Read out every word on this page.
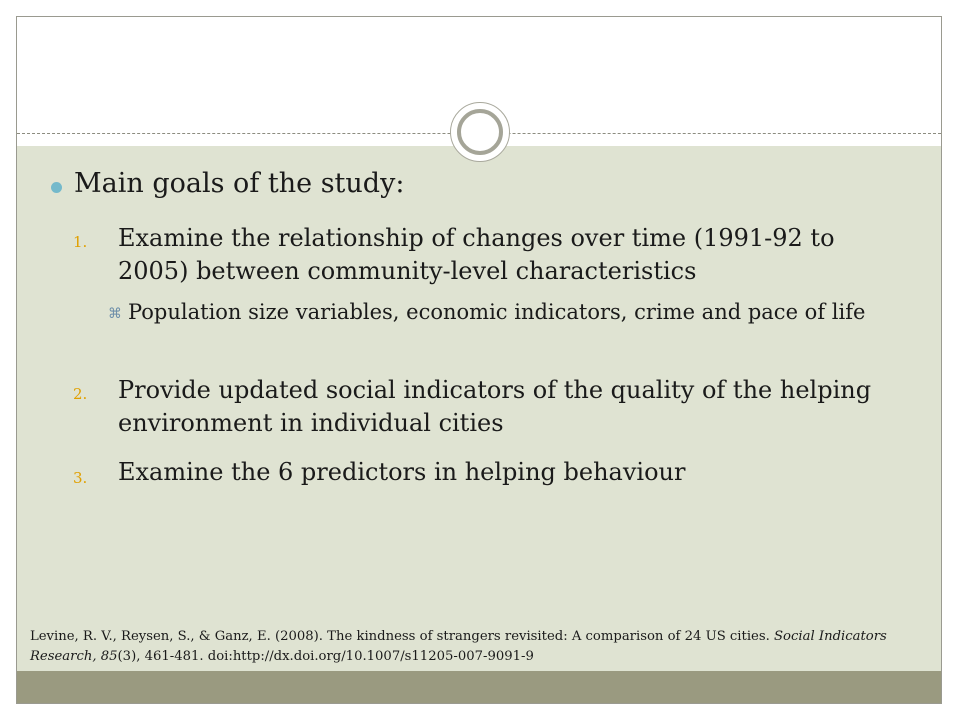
Main goals of the study:
1. Examine the relationship of changes over time (1991-92 to 2005) between community-level characteristics
⌘ Population size variables, economic indicators, crime and pace of life
2. Provide updated social indicators of the quality of the helping environment in individual cities
3. Examine the 6 predictors in helping behaviour
Levine, R. V., Reysen, S., & Ganz, E. (2008). The kindness of strangers revisited: A comparison of 24 US cities. Social Indicators Research, 85(3), 461-481. doi:http://dx.doi.org/10.1007/s11205-007-9091-9
